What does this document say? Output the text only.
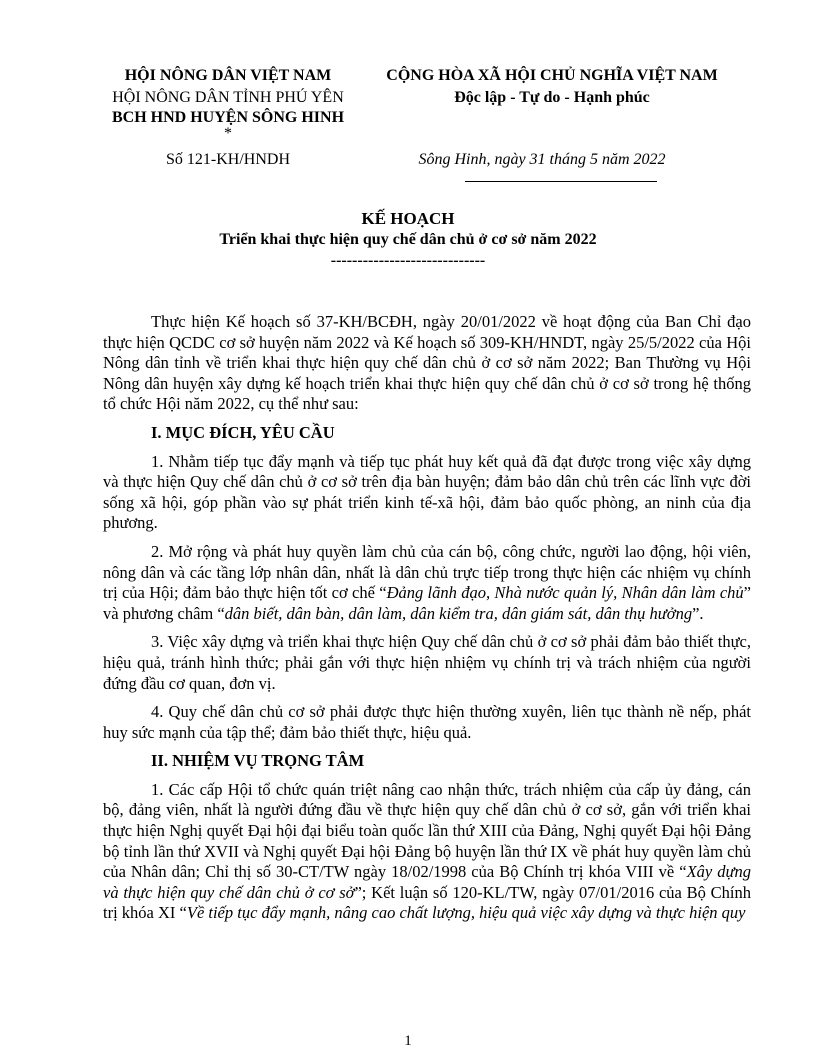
HỘI NÔNG DÂN VIỆT NAM
HỘI NÔNG DÂN TỈNH PHÚ YÊN
BCH HND HUYỆN SÔNG HINH
*
Số 121-KH/HNDH
CỘNG HÒA XÃ HỘI CHỦ NGHĨA VIỆT NAM
Độc lập - Tự do - Hạnh phúc
Sông Hinh, ngày 31 tháng 5 năm 2022
KẾ HOẠCH
Triển khai thực hiện quy chế dân chủ ở cơ sở năm 2022
-----------------------------

Thực hiện Kế hoạch số 37-KH/BCĐH, ngày 20/01/2022 về hoạt động của Ban Chỉ đạo thực hiện QCDC cơ sở huyện năm 2022 và Kế hoạch số 309-KH/HNDT, ngày 25/5/2022 của Hội Nông dân tỉnh về triển khai thực hiện quy chế dân chủ ở cơ sở năm 2022; Ban Thường vụ Hội Nông dân huyện xây dựng kế hoạch triển khai thực hiện quy chế dân chủ ở cơ sở trong hệ thống tổ chức Hội năm 2022, cụ thể như sau:

I. MỤC ĐÍCH, YÊU CẦU

1. Nhằm tiếp tục đẩy mạnh và tiếp tục phát huy kết quả đã đạt được trong việc xây dựng và thực hiện Quy chế dân chủ ở cơ sở trên địa bàn huyện; đảm bảo dân chủ trên các lĩnh vực đời sống xã hội, góp phần vào sự phát triển kinh tế-xã hội, đảm bảo quốc phòng, an ninh của địa phương.

2. Mở rộng và phát huy quyền làm chủ của cán bộ, công chức, người lao động, hội viên, nông dân và các tầng lớp nhân dân, nhất là dân chủ trực tiếp trong thực hiện các nhiệm vụ chính trị của Hội; đảm bảo thực hiện tốt cơ chế “Đảng lãnh đạo, Nhà nước quản lý, Nhân dân làm chủ” và phương châm “dân biết, dân bàn, dân làm, dân kiểm tra, dân giám sát, dân thụ hưởng”.

3. Việc xây dựng và triển khai thực hiện Quy chế dân chủ ở cơ sở phải đảm bảo thiết thực, hiệu quả, tránh hình thức; phải gắn với thực hiện nhiệm vụ chính trị và trách nhiệm của người đứng đầu cơ quan, đơn vị.

4. Quy chế dân chủ cơ sở phải được thực hiện thường xuyên, liên tục thành nề nếp, phát huy sức mạnh của tập thể; đảm bảo thiết thực, hiệu quả.

II. NHIỆM VỤ TRỌNG TÂM

1. Các cấp Hội tổ chức quán triệt nâng cao nhận thức, trách nhiệm của cấp ủy đảng, cán bộ, đảng viên, nhất là người đứng đầu về thực hiện quy chế dân chủ ở cơ sở, gắn với triển khai thực hiện Nghị quyết Đại hội đại biểu toàn quốc lần thứ XIII của Đảng, Nghị quyết Đại hội Đảng bộ tỉnh lần thứ XVII và Nghị quyết Đại hội Đảng bộ huyện lần thứ IX về phát huy quyền làm chủ của Nhân dân; Chỉ thị số 30-CT/TW ngày 18/02/1998 của Bộ Chính trị khóa VIII về “Xây dựng và thực hiện quy chế dân chủ ở cơ sở”; Kết luận số 120-KL/TW, ngày 07/01/2016 của Bộ Chính trị khóa XI “Về tiếp tục đẩy mạnh, nâng cao chất lượng, hiệu quả việc xây dựng và thực hiện quy

1
